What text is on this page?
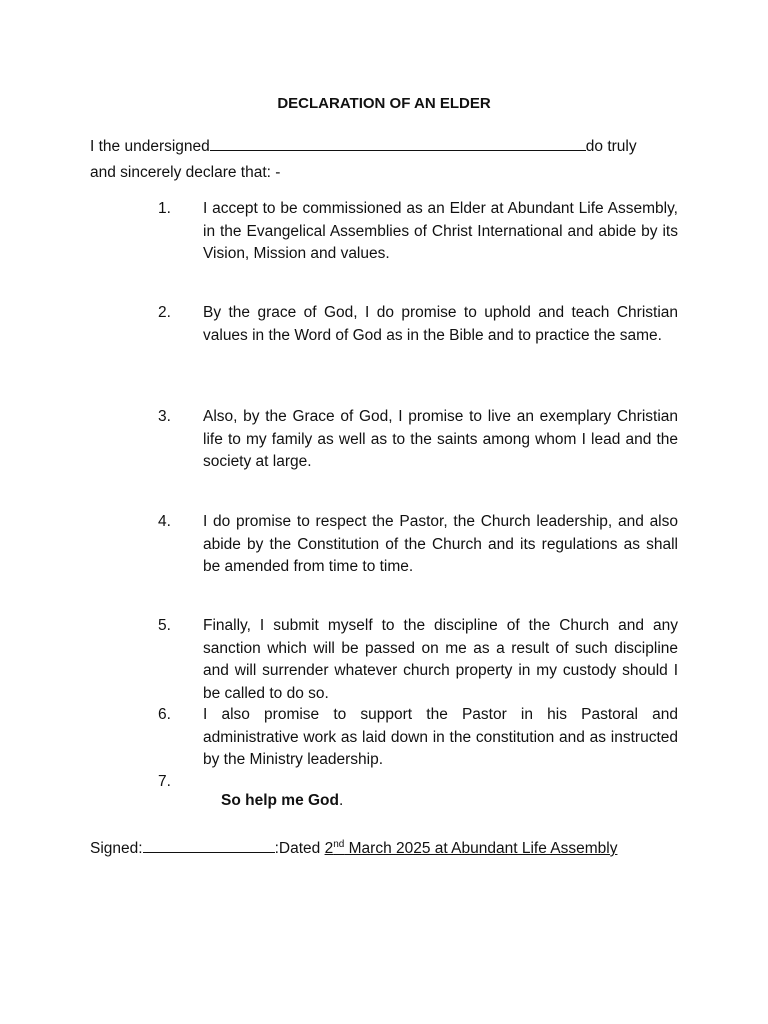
DECLARATION OF AN ELDER
I the undersigned	do truly
and sincerely declare that: -
1.	I accept to be commissioned as an Elder at Abundant Life Assembly, in the Evangelical Assemblies of Christ International and abide by its Vision, Mission and values.
2.	By the grace of God, I do promise to uphold and teach Christian values in the Word of God as in the Bible and to practice the same.
3.	Also, by the Grace of God, I promise to live an exemplary Christian life to my family as well as to the saints among whom I lead and the society at large.
4.	I do promise to respect the Pastor, the Church leadership, and also abide by the Constitution of the Church and its regulations as shall be amended from time to time.
5.	Finally, I submit myself to the discipline of the Church and any sanction which will be passed on me as a result of such discipline and will surrender whatever church property in my custody should I be called to do so.
6.	I also promise to support the Pastor in his Pastoral and administrative work as laid down in the constitution and as instructed by the Ministry leadership.
7.
So help me God.
Signed:	:Dated 2nd March 2025 at Abundant Life Assembly
